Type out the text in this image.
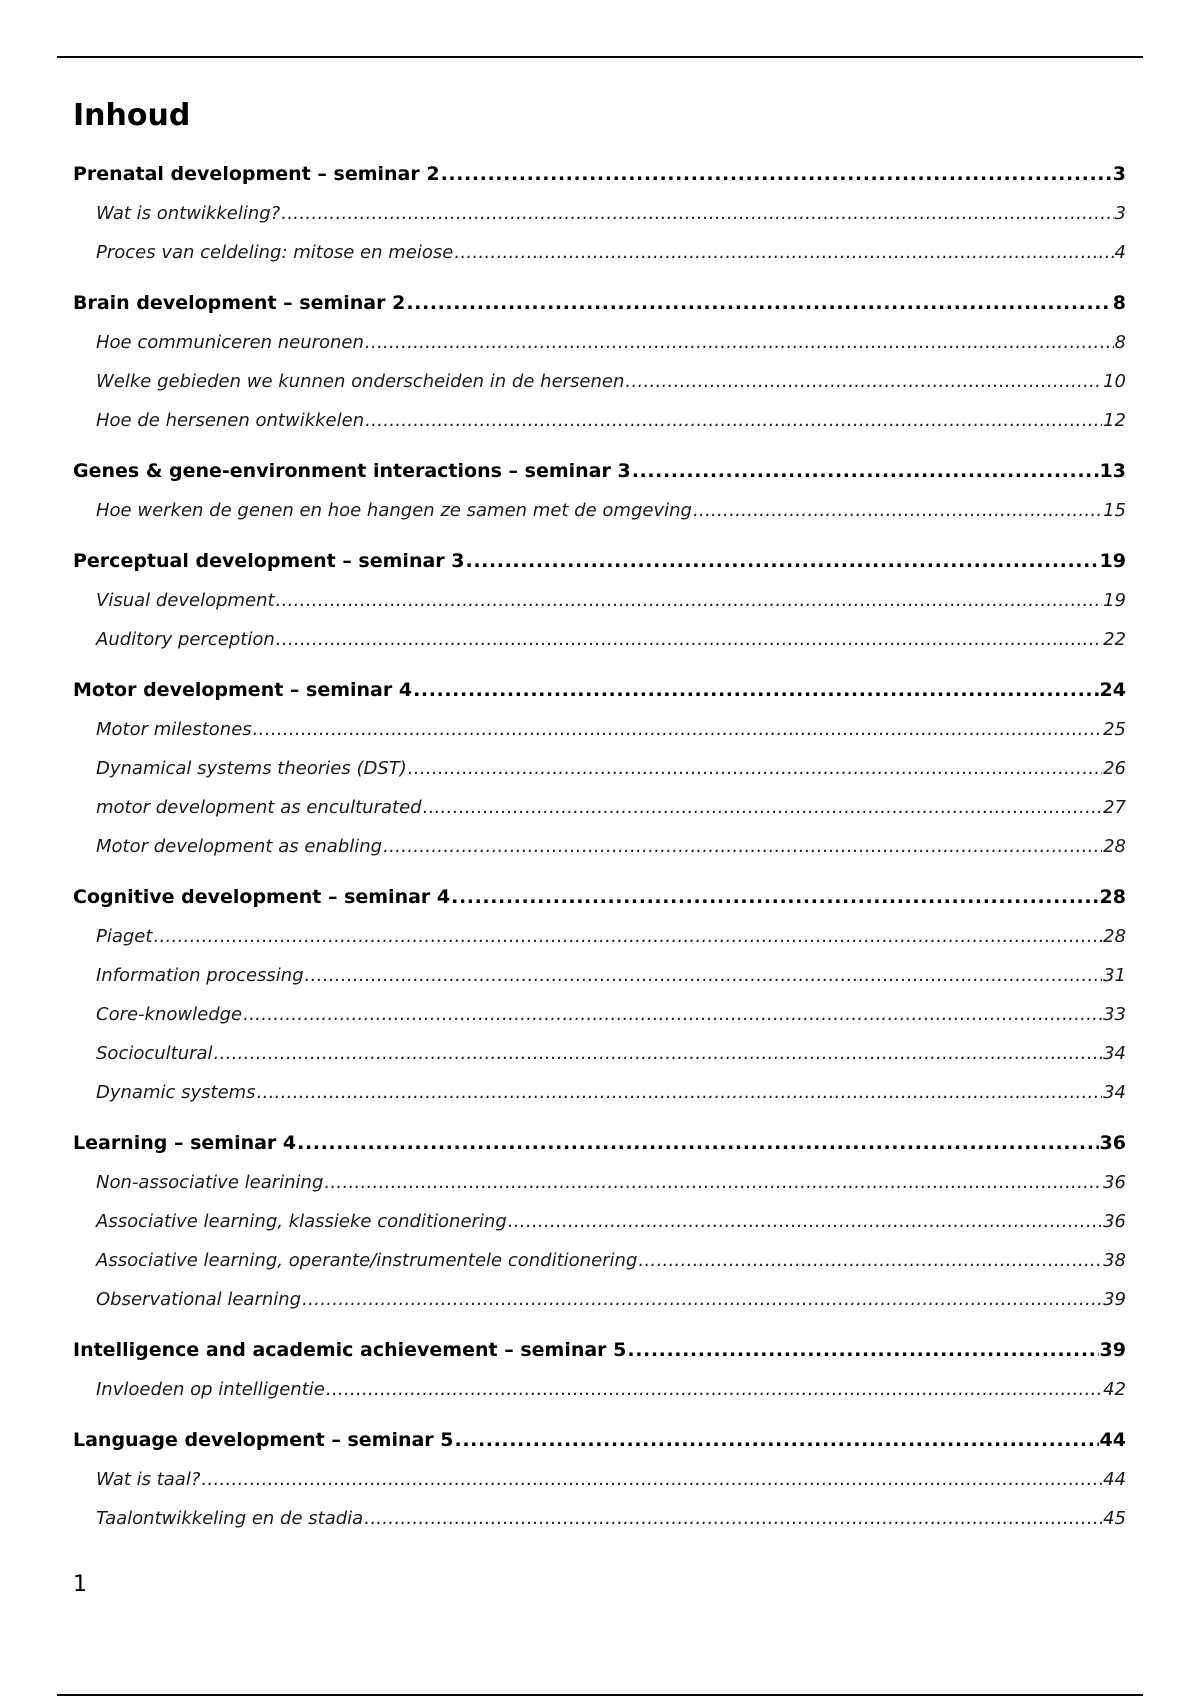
Inhoud
Prenatal development – seminar 2 .....	3
Wat is ontwikkeling? .....	3
Proces van celdeling: mitose en meiose .....	4
Brain development – seminar 2 .....	8
Hoe communiceren neuronen .....	8
Welke gebieden we kunnen onderscheiden in de hersenen .....	10
Hoe de hersenen ontwikkelen .....	12
Genes & gene-environment interactions – seminar 3 .....	13
Hoe werken de genen en hoe hangen ze samen met de omgeving .....	15
Perceptual development – seminar 3 .....	19
Visual development .....	19
Auditory perception .....	22
Motor development – seminar 4 .....	24
Motor milestones .....	25
Dynamical systems theories (DST) .....	26
motor development as enculturated .....	27
Motor development as enabling .....	28
Cognitive development – seminar 4 .....	28
Piaget .....	28
Information processing .....	31
Core-knowledge .....	33
Sociocultural .....	34
Dynamic systems .....	34
Learning – seminar 4 .....	36
Non-associative learining .....	36
Associative learning, klassieke conditionering .....	36
Associative learning, operante/instrumentele conditionering .....	38
Observational learning .....	39
Intelligence and academic achievement – seminar 5 .....	39
Invloeden op intelligentie .....	42
Language development – seminar 5 .....	44
Wat is taal? .....	44
Taalontwikkeling en de stadia .....	45
1
